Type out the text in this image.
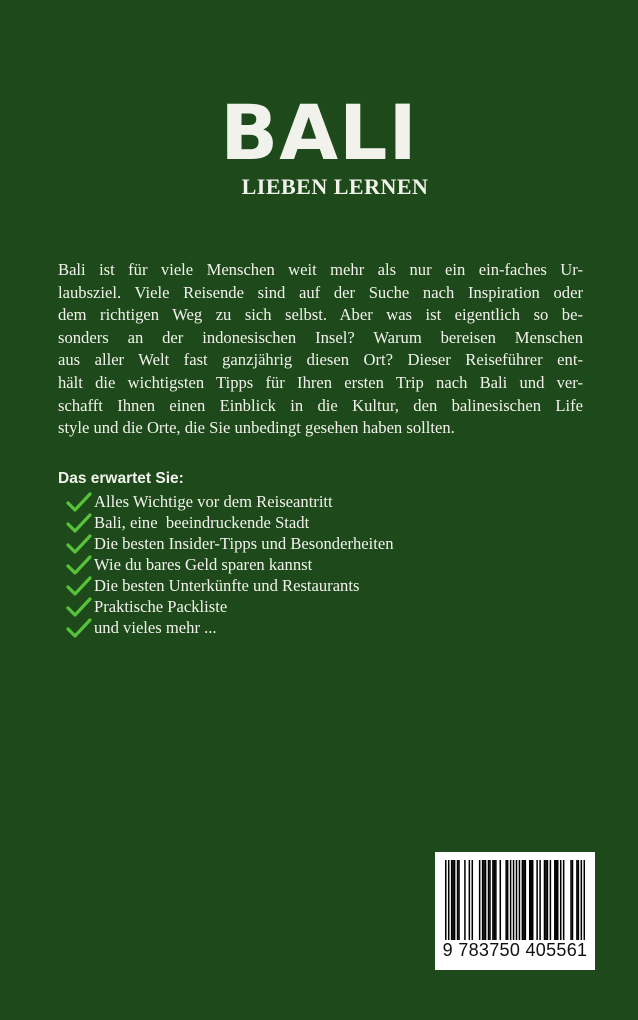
BALI
LIEBEN LERNEN
Bali ist für viele Menschen weit mehr als nur ein ein-faches Ur-
laubsziel. Viele Reisende sind auf der Suche nach Inspiration oder
dem richtigen Weg zu sich selbst. Aber was ist eigentlich so be-
sonders an der indonesischen Insel? Warum bereisen Menschen
aus aller Welt fast ganzjährig diesen Ort? Dieser Reiseführer ent-
hält die wichtigsten Tipps für Ihren ersten Trip nach Bali und ver-
schafft Ihnen einen Einblick in die Kultur, den balinesischen Life
style und die Orte, die Sie unbedingt gesehen haben sollten.
Das erwartet Sie:
Alles Wichtige vor dem Reiseantritt
Bali, eine  beeindruckende Stadt
Die besten Insider-Tipps und Besonderheiten
Wie du bares Geld sparen kannst
Die besten Unterkünfte und Restaurants
Praktische Packliste
und vieles mehr ...
9 783750 405561
